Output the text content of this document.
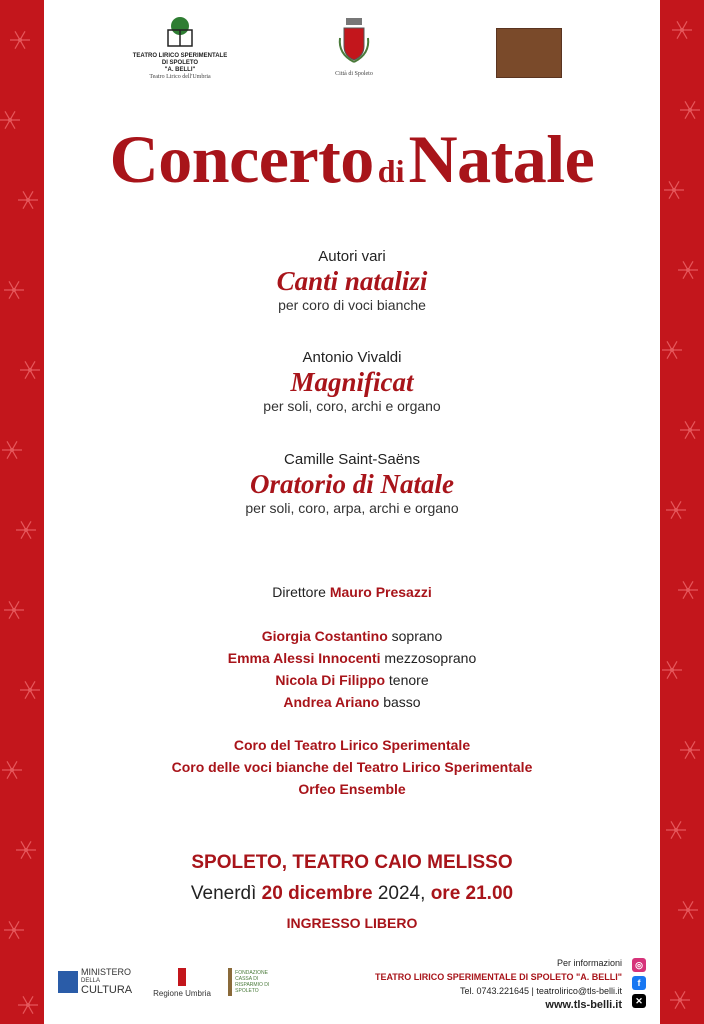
TEATRO LIRICO SPERIMENTALE
DI SPOLETO
"A. BELLI"
Teatro Lirico dell'Umbria	Città di Spoleto
Concerto di Natale
Autori vari
Canti natalizi
per coro di voci bianche
Antonio Vivaldi
Magnificat
per soli, coro, archi e organo
Camille Saint-Saëns
Oratorio di Natale
per soli, coro, arpa, archi e organo
Direttore Mauro Presazzi
Giorgia Costantino soprano
Emma Alessi Innocenti mezzosoprano
Nicola Di Filippo tenore
Andrea Ariano basso
Coro del Teatro Lirico Sperimentale
Coro delle voci bianche del Teatro Lirico Sperimentale
Orfeo Ensemble
SPOLETO, TEATRO CAIO MELISSO
Venerdì 20 dicembre 2024, ore 21.00
INGRESSO LIBERO
MINISTERO
DELLA
CULTURA	Regione Umbria
FONDAZIONE CASSA DI RISPARMIO DI SPOLETO
Per informazioni
TEATRO LIRICO SPERIMENTALE DI SPOLETO "A. BELLI"
Tel. 0743.221645 | teatrolirico@tls-belli.it
www.tls-belli.it
◎
f
✕
